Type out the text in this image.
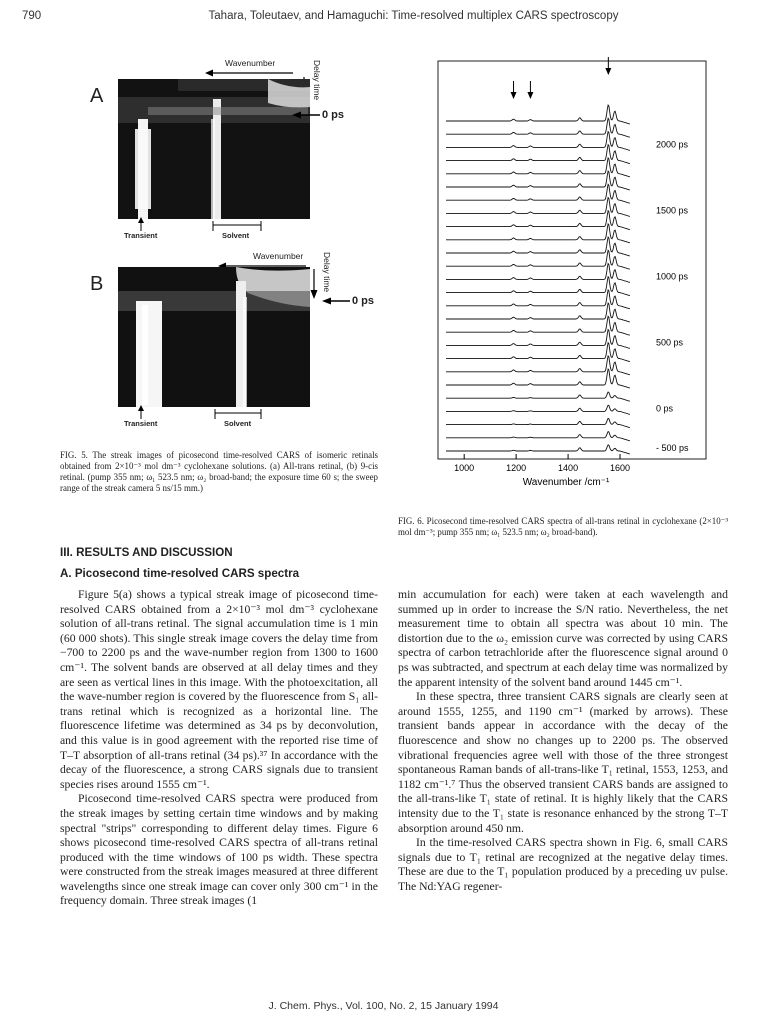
790	Tahara, Toleutaev, and Hamaguchi: Time-resolved multiplex CARS spectroscopy
A
Wavenumber	Delay time
0 ps
Transient	Solvent
B
Wavenumber Delay time
0 ps
Transient	Solvent
FIG. 5. The streak images of picosecond time-resolved CARS of isomeric retinals obtained from 2×10⁻³ mol dm⁻³ cyclohexane solutions. (a) All-trans retinal, (b) 9-cis retinal. (pump 355 nm; ω₁ 523.5 nm; ω₂ broad-band; the exposure time 60 s; the sweep range of the streak camera 5 ns/15 mm.)
2000 ps
1500 ps
1000 ps
500 ps
0 ps
- 500 ps
1000	1200	1400	1600
Wavenumber /cm⁻¹
FIG. 6. Picosecond time-resolved CARS spectra of all-trans retinal in cyclohexane (2×10⁻³ mol dm⁻³; pump 355 nm; ω₁ 523.5 nm; ω₂ broad-band).
III. RESULTS AND DISCUSSION
A. Picosecond time-resolved CARS spectra

Figure 5(a) shows a typical streak image of picosecond time-resolved CARS obtained from a 2×10⁻³ mol dm⁻³ cyclohexane solution of all-trans retinal. The signal accumulation time is 1 min (60 000 shots). This single streak image covers the delay time from −700 to 2200 ps and the wave-number region from 1300 to 1600 cm⁻¹. The solvent bands are observed at all delay times and they are seen as vertical lines in this image. With the photoexcitation, all the wave-number region is covered by the fluorescence from S₁ all-trans retinal which is recognized as a horizontal line. The fluorescence lifetime was determined as 34 ps by deconvolution, and this value is in good agreement with the reported rise time of T–T absorption of all-trans retinal (34 ps).³⁷ In accordance with the decay of the fluorescence, a strong CARS signals due to transient species rises around 1555 cm⁻¹.

Picosecond time-resolved CARS spectra were produced from the streak images by setting certain time windows and by making spectral "strips" corresponding to different delay times. Figure 6 shows picosecond time-resolved CARS spectra of all-trans retinal produced with the time windows of 100 ps width. These spectra were constructed from the streak images measured at three different wavelengths since one streak image can cover only 300 cm⁻¹ in the frequency domain. Three streak images (1

min accumulation for each) were taken at each wavelength and summed up in order to increase the S/N ratio. Nevertheless, the net measurement time to obtain all spectra was about 10 min. The distortion due to the ω₂ emission curve was corrected by using CARS spectra of carbon tetrachloride after the fluorescence signal around 0 ps was subtracted, and spectrum at each delay time was normalized by the apparent intensity of the solvent band around 1445 cm⁻¹.

In these spectra, three transient CARS signals are clearly seen at around 1555, 1255, and 1190 cm⁻¹ (marked by arrows). These transient bands appear in accordance with the decay of the fluorescence and show no changes up to 2200 ps. The observed vibrational frequencies agree well with those of the three strongest spontaneous Raman bands of all-trans-like T₁ retinal, 1553, 1253, and 1182 cm⁻¹.⁷ Thus the observed transient CARS bands are assigned to the all-trans-like T₁ state of retinal. It is highly likely that the CARS intensity due to the T₁ state is resonance enhanced by the strong T–T absorption around 450 nm.

In the time-resolved CARS spectra shown in Fig. 6, small CARS signals due to T₁ retinal are recognized at the negative delay times. These are due to the T₁ population produced by a preceding uv pulse. The Nd:YAG regener-

J. Chem. Phys., Vol. 100, No. 2, 15 January 1994
